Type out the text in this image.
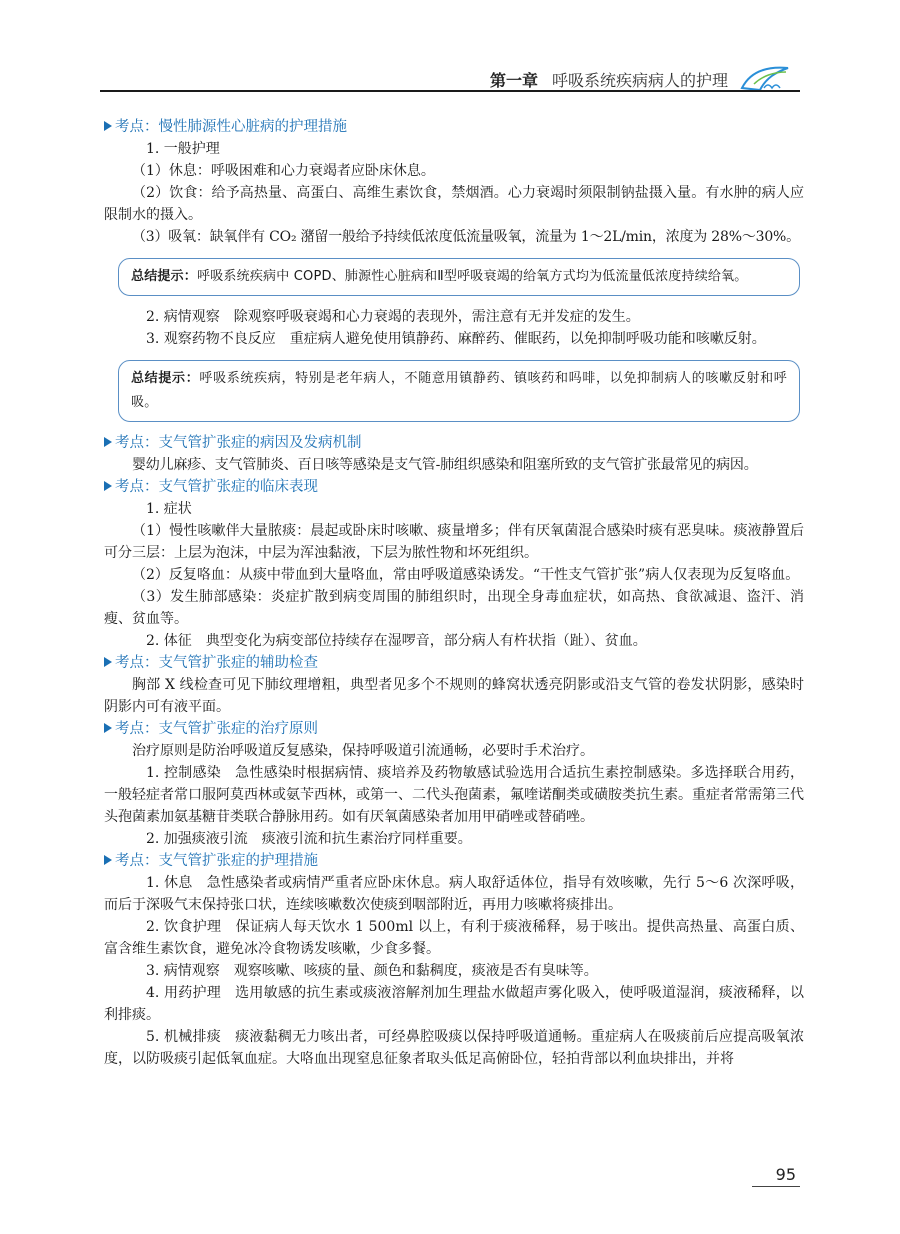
第一章 呼吸系统疾病病人的护理

考点：慢性肺源性心脏病的护理措施

1. 一般护理

（1）休息：呼吸困难和心力衰竭者应卧床休息。

（2）饮食：给予高热量、高蛋白、高维生素饮食，禁烟酒。心力衰竭时须限制钠盐摄入量。有水肿的病人应限制水的摄入。

（3）吸氧：缺氧伴有 CO₂ 潴留一般给予持续低浓度低流量吸氧，流量为 1～2L/min，浓度为 28%～30%。

总结提示：呼吸系统疾病中 COPD、肺源性心脏病和Ⅱ型呼吸衰竭的给氧方式均为低流量低浓度持续给氧。

2. 病情观察　除观察呼吸衰竭和心力衰竭的表现外，需注意有无并发症的发生。

3. 观察药物不良反应　重症病人避免使用镇静药、麻醉药、催眠药，以免抑制呼吸功能和咳嗽反射。

总结提示：呼吸系统疾病，特别是老年病人，不随意用镇静药、镇咳药和吗啡，以免抑制病人的咳嗽反射和呼吸。

考点：支气管扩张症的病因及发病机制

婴幼儿麻疹、支气管肺炎、百日咳等感染是支气管-肺组织感染和阻塞所致的支气管扩张最常见的病因。

考点：支气管扩张症的临床表现

1. 症状

（1）慢性咳嗽伴大量脓痰：晨起或卧床时咳嗽、痰量增多；伴有厌氧菌混合感染时痰有恶臭味。痰液静置后可分三层：上层为泡沫，中层为浑浊黏液，下层为脓性物和坏死组织。

（2）反复咯血：从痰中带血到大量咯血，常由呼吸道感染诱发。“干性支气管扩张”病人仅表现为反复咯血。

（3）发生肺部感染：炎症扩散到病变周围的肺组织时，出现全身毒血症状，如高热、食欲减退、盗汗、消瘦、贫血等。

2. 体征　典型变化为病变部位持续存在湿啰音，部分病人有杵状指（趾）、贫血。

考点：支气管扩张症的辅助检查

胸部 X 线检查可见下肺纹理增粗，典型者见多个不规则的蜂窝状透亮阴影或沿支气管的卷发状阴影，感染时阴影内可有液平面。

考点：支气管扩张症的治疗原则

治疗原则是防治呼吸道反复感染，保持呼吸道引流通畅，必要时手术治疗。

1. 控制感染　急性感染时根据病情、痰培养及药物敏感试验选用合适抗生素控制感染。多选择联合用药，一般轻症者常口服阿莫西林或氨苄西林，或第一、二代头孢菌素，氟喹诺酮类或磺胺类抗生素。重症者常需第三代头孢菌素加氨基糖苷类联合静脉用药。如有厌氧菌感染者加用甲硝唑或替硝唑。

2. 加强痰液引流　痰液引流和抗生素治疗同样重要。

考点：支气管扩张症的护理措施

1. 休息　急性感染者或病情严重者应卧床休息。病人取舒适体位，指导有效咳嗽，先行 5～6 次深呼吸，而后于深吸气末保持张口状，连续咳嗽数次使痰到咽部附近，再用力咳嗽将痰排出。

2. 饮食护理　保证病人每天饮水 1 500ml 以上，有利于痰液稀释，易于咳出。提供高热量、高蛋白质、富含维生素饮食，避免冰冷食物诱发咳嗽，少食多餐。

3. 病情观察　观察咳嗽、咳痰的量、颜色和黏稠度，痰液是否有臭味等。

4. 用药护理　选用敏感的抗生素或痰液溶解剂加生理盐水做超声雾化吸入，使呼吸道湿润，痰液稀释，以利排痰。

5. 机械排痰　痰液黏稠无力咳出者，可经鼻腔吸痰以保持呼吸道通畅。重症病人在吸痰前后应提高吸氧浓度，以防吸痰引起低氧血症。大咯血出现窒息征象者取头低足高俯卧位，轻拍背部以利血块排出，并将

95
